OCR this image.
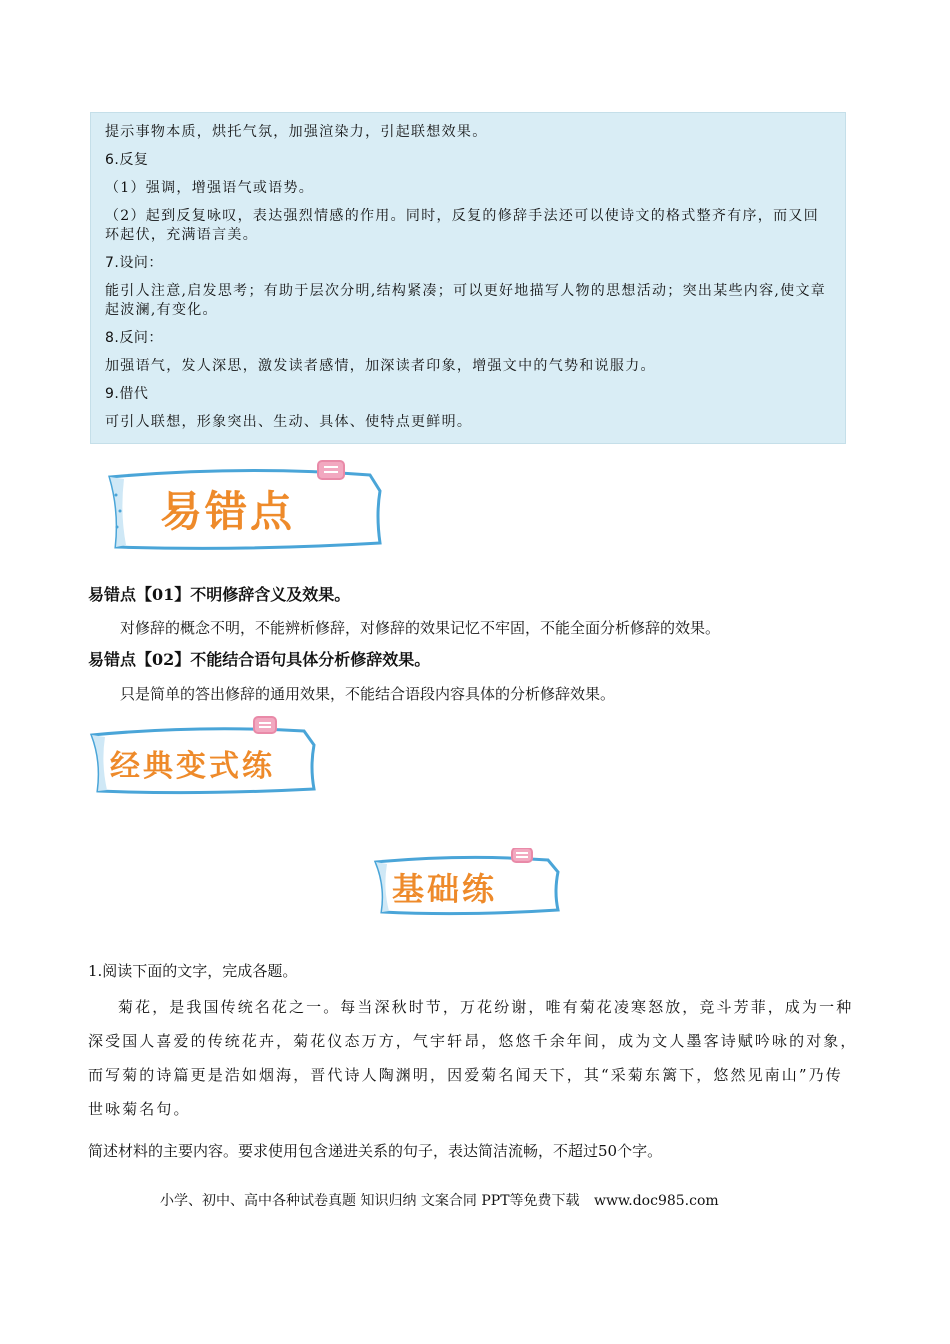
提示事物本质，烘托气氛，加强渲染力，引起联想效果。

6.反复

（1）强调，增强语气或语势。

（2）起到反复咏叹，表达强烈情感的作用。同时，反复的修辞手法还可以使诗文的格式整齐有序，而又回环起伏，充满语言美。

7.设问：

能引人注意,启发思考；有助于层次分明,结构紧凑；可以更好地描写人物的思想活动；突出某些内容,使文章起波澜,有变化。

8.反问：

加强语气，发人深思，激发读者感情，加深读者印象，增强文中的气势和说服力。

9.借代

可引人联想，形象突出、生动、具体、使特点更鲜明。

易错点
易错点【01】不明修辞含义及效果。
对修辞的概念不明，不能辨析修辞，对修辞的效果记忆不牢固，不能全面分析修辞的效果。
易错点【02】不能结合语句具体分析修辞效果。
只是简单的答出修辞的通用效果，不能结合语段内容具体的分析修辞效果。
经典变式练
基础练
1.阅读下面的文字，完成各题。

菊花，是我国传统名花之一。每当深秋时节，万花纷谢，唯有菊花凌寒怒放，竞斗芳菲，成为一种深受国人喜爱的传统花卉，菊花仪态万方，气宇轩昂，悠悠千余年间，成为文人墨客诗赋吟咏的对象，而写菊的诗篇更是浩如烟海，晋代诗人陶渊明，因爱菊名闻天下，其“采菊东篱下，悠然见南山”乃传世咏菊名句。

简述材料的主要内容。要求使用包含递进关系的句子，表达简洁流畅，不超过50个字。
小学、初中、高中各种试卷真题 知识归纳 文案合同 PPT等免费下载 www.doc985.com
